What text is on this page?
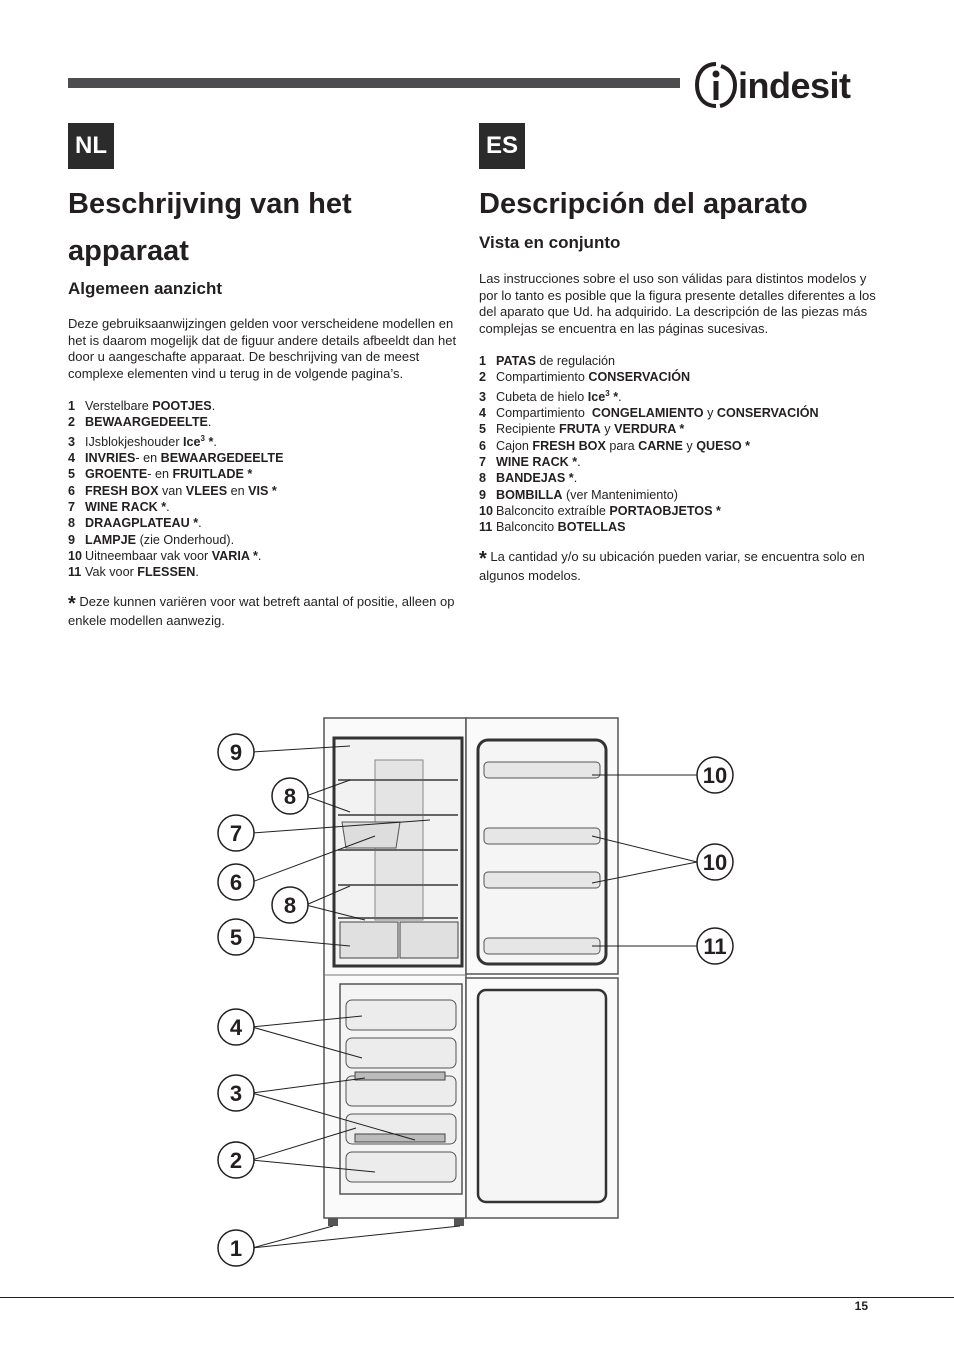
indesit
NL
Beschrijving van het
apparaat
Algemeen aanzicht

Deze gebruiksaanwijzingen gelden voor verscheidene modellen en het is daarom mogelijk dat de figuur andere details afbeeldt dan het door u aangeschafte apparaat. De beschrijving van de meest complexe elementen vind u terug in de volgende pagina’s.

1 Verstelbare POOTJES.
2 BEWAARGEDEELTE.
3 IJsblokjeshouder Ice$^3$ *.
4 INVRIES- en BEWAARGEDEELTE
5 GROENTE- en FRUITLADE *
6 FRESH BOX van VLEES en VIS *
7 WINE RACK *.
8 DRAAGPLATEAU *.
9 LAMPJE (zie Onderhoud).
10 Uitneembaar vak voor VARIA *.
11 Vak voor FLESSEN.

* Deze kunnen variëren voor wat betreft aantal of positie, alleen op enkele modellen aanwezig.

ES
Descripción del aparato
Vista en conjunto

Las instrucciones sobre el uso son válidas para distintos modelos y por lo tanto es posible que la figura presente detalles diferentes a los del aparato que Ud. ha adquirido. La descripción de las piezas más complejas se encuentra en las páginas sucesivas.

1 PATAS de regulación
2 Compartimiento CONSERVACIÓN
3 Cubeta de hielo Ice$^3$ *.
4 Compartimiento  CONGELAMIENTO y CONSERVACIÓN
5 Recipiente FRUTA y VERDURA *
6 Cajon FRESH BOX para CARNE y QUESO *
7 WINE RACK *.
8 BANDEJAS *.
9 BOMBILLA (ver Mantenimiento)
10 Balconcito extraíble PORTAOBJETOS *
11 Balconcito BOTELLAS

* La cantidad y/o su ubicación pueden variar, se encuentra solo en algunos modelos.

9
8
7
6
8
5
4
3
2
1
10
10
11
15
